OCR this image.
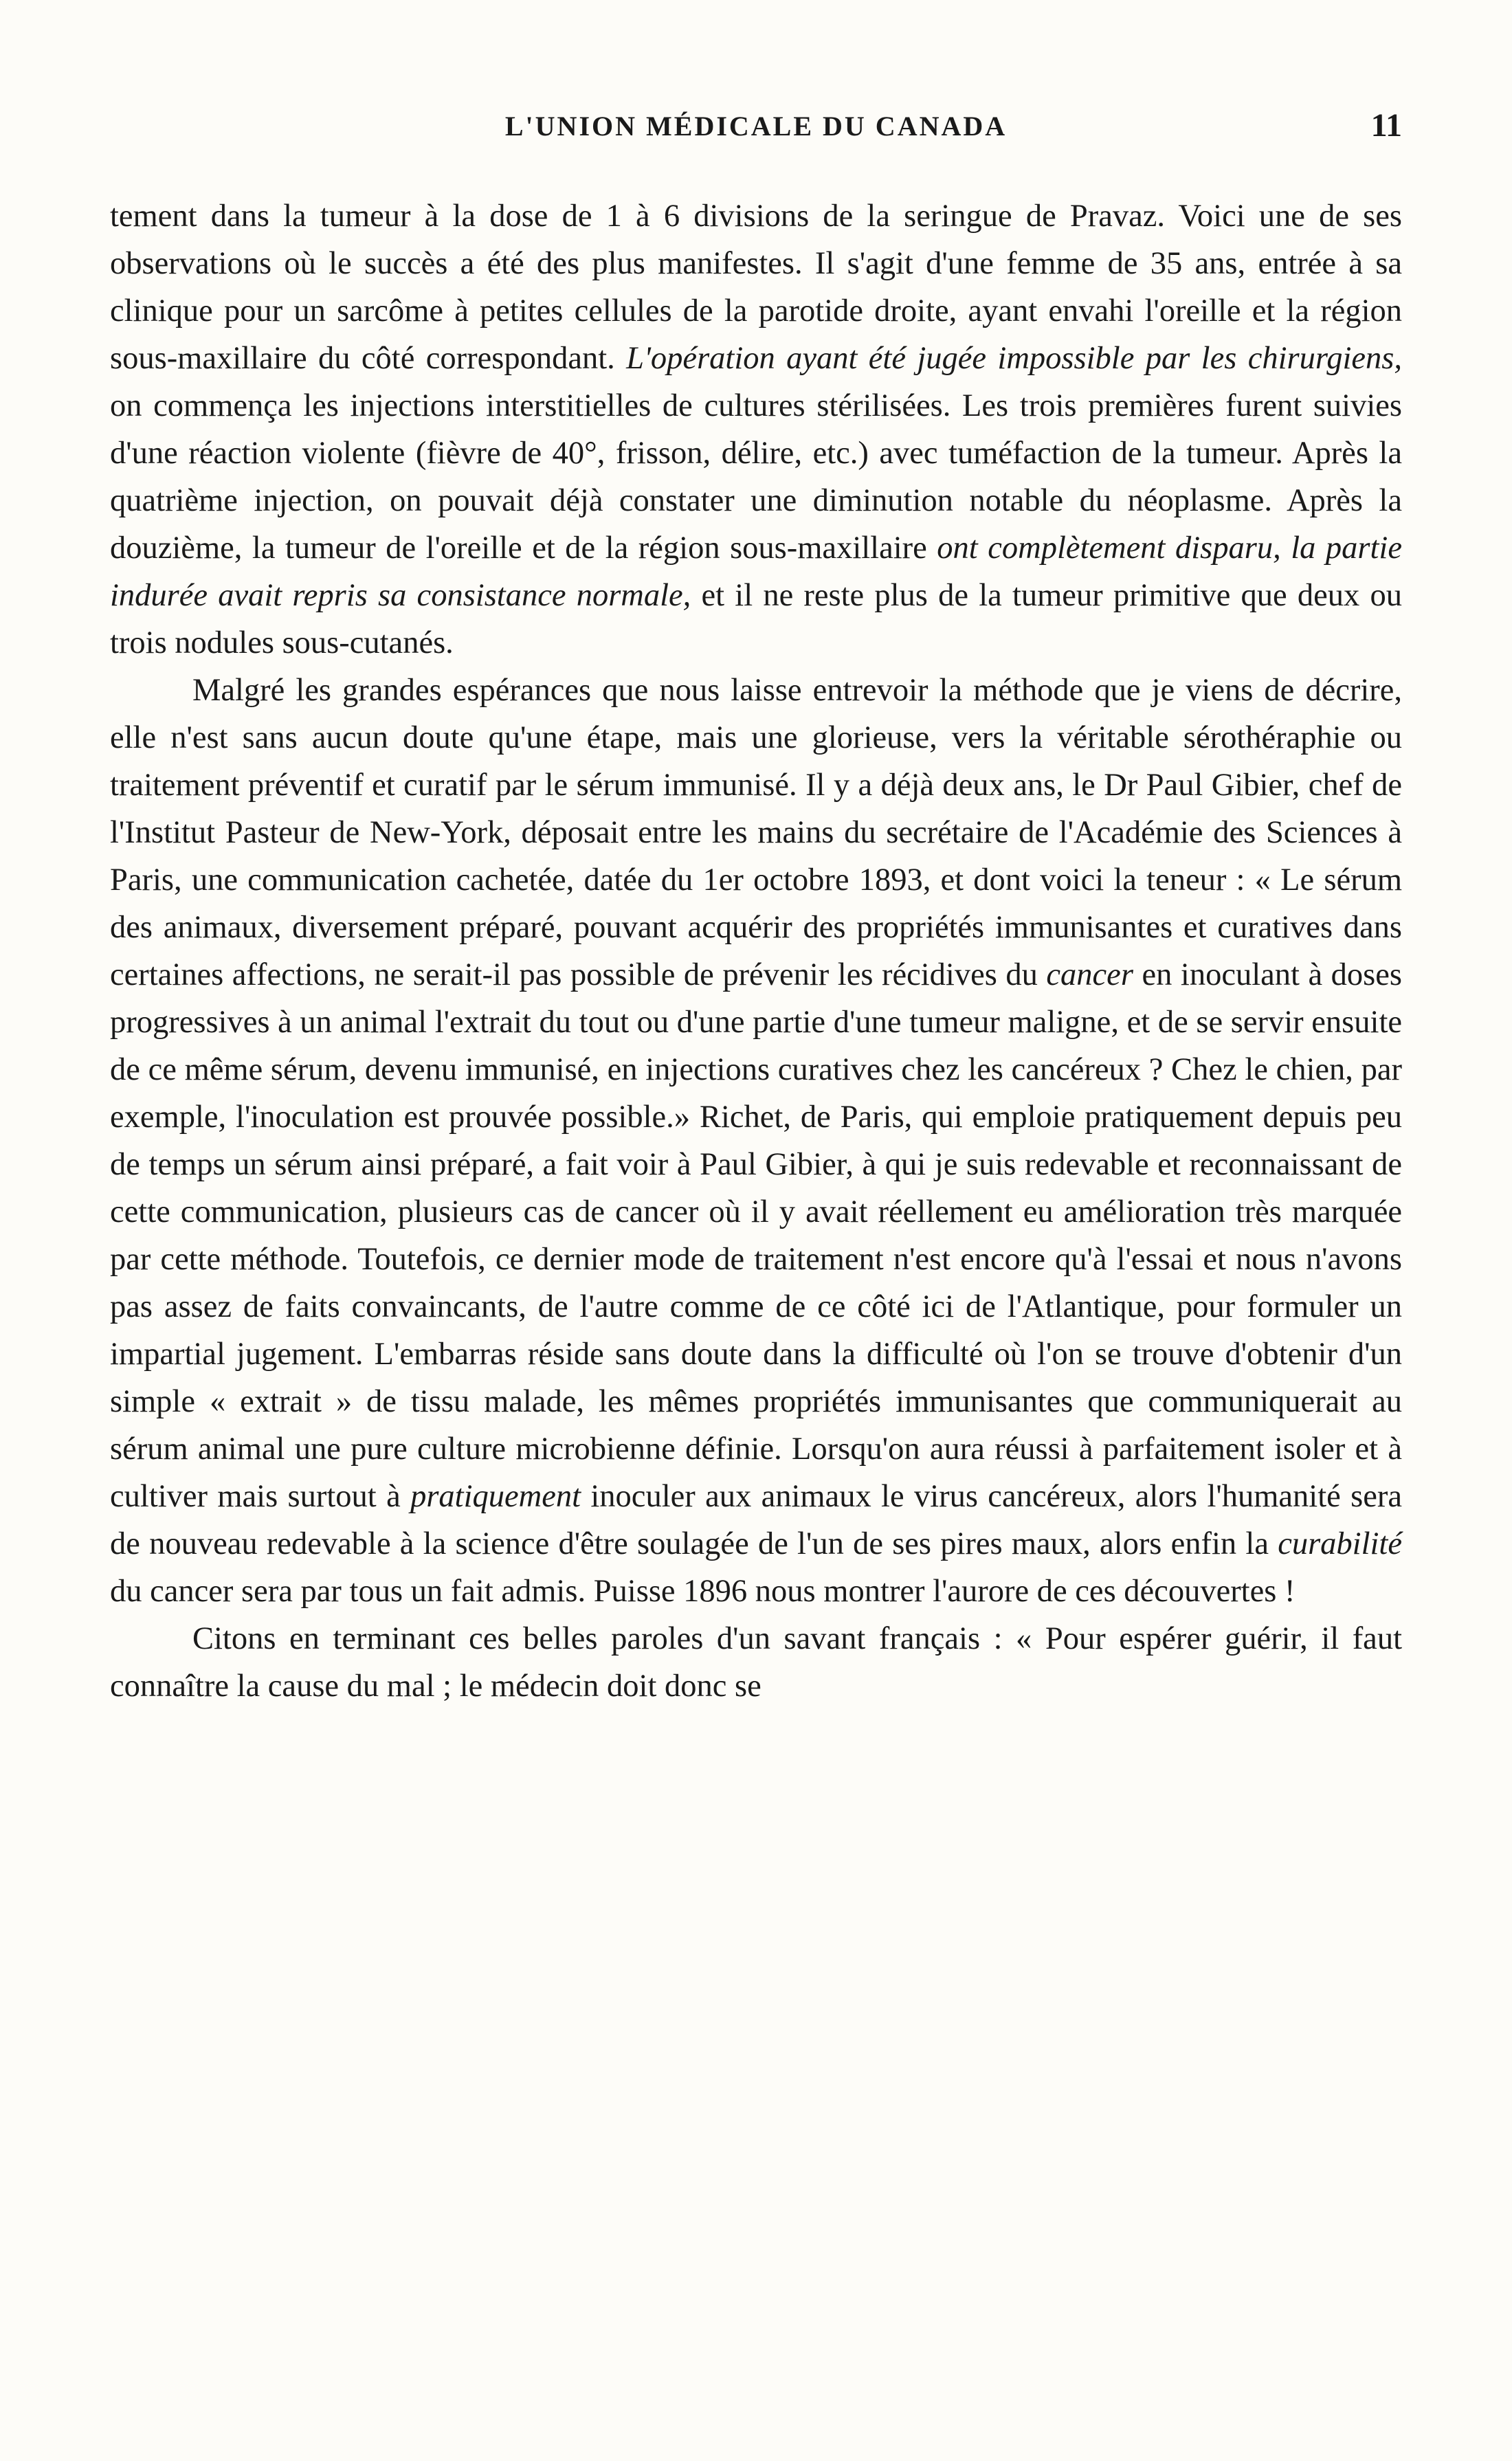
L'UNION MÉDICALE DU CANADA	11

tement dans la tumeur à la dose de 1 à 6 divisions de la seringue de Pravaz. Voici une de ses observations où le succès a été des plus manifestes. Il s'agit d'une femme de 35 ans, entrée à sa clinique pour un sarcôme à petites cellules de la parotide droite, ayant envahi l'oreille et la région sous-maxillaire du côté correspondant. L'opération ayant été jugée impossible par les chirurgiens, on commença les injections interstitielles de cultures stérilisées. Les trois premières furent suivies d'une réaction violente (fièvre de 40°, frisson, délire, etc.) avec tuméfaction de la tumeur. Après la quatrième injection, on pouvait déjà constater une diminution notable du néoplasme. Après la douzième, la tumeur de l'oreille et de la région sous-maxillaire ont complètement disparu, la partie indurée avait repris sa consistance normale, et il ne reste plus de la tumeur primitive que deux ou trois nodules sous-cutanés.

Malgré les grandes espérances que nous laisse entrevoir la méthode que je viens de décrire, elle n'est sans aucun doute qu'une étape, mais une glorieuse, vers la véritable sérothéraphie ou traitement préventif et curatif par le sérum immunisé. Il y a déjà deux ans, le Dr Paul Gibier, chef de l'Institut Pasteur de New-York, déposait entre les mains du secrétaire de l'Académie des Sciences à Paris, une communication cachetée, datée du 1er octobre 1893, et dont voici la teneur : « Le sérum des animaux, diversement préparé, pouvant acquérir des propriétés immunisantes et curatives dans certaines affections, ne serait-il pas possible de prévenir les récidives du cancer en inoculant à doses progressives à un animal l'extrait du tout ou d'une partie d'une tumeur maligne, et de se servir ensuite de ce même sérum, devenu immunisé, en injections curatives chez les cancéreux ? Chez le chien, par exemple, l'inoculation est prouvée possible.» Richet, de Paris, qui emploie pratiquement depuis peu de temps un sérum ainsi préparé, a fait voir à Paul Gibier, à qui je suis redevable et reconnaissant de cette communication, plusieurs cas de cancer où il y avait réellement eu amélioration très marquée par cette méthode. Toutefois, ce dernier mode de traitement n'est encore qu'à l'essai et nous n'avons pas assez de faits convaincants, de l'autre comme de ce côté ici de l'Atlantique, pour formuler un impartial jugement. L'embarras réside sans doute dans la difficulté où l'on se trouve d'obtenir d'un simple « extrait » de tissu malade, les mêmes propriétés immunisantes que communiquerait au sérum animal une pure culture microbienne définie. Lorsqu'on aura réussi à parfaitement isoler et à cultiver mais surtout à pratiquement inoculer aux animaux le virus cancéreux, alors l'humanité sera de nouveau redevable à la science d'être soulagée de l'un de ses pires maux, alors enfin la curabilité du cancer sera par tous un fait admis. Puisse 1896 nous montrer l'aurore de ces découvertes !

Citons en terminant ces belles paroles d'un savant français : « Pour espérer guérir, il faut connaître la cause du mal ; le médecin doit donc se
